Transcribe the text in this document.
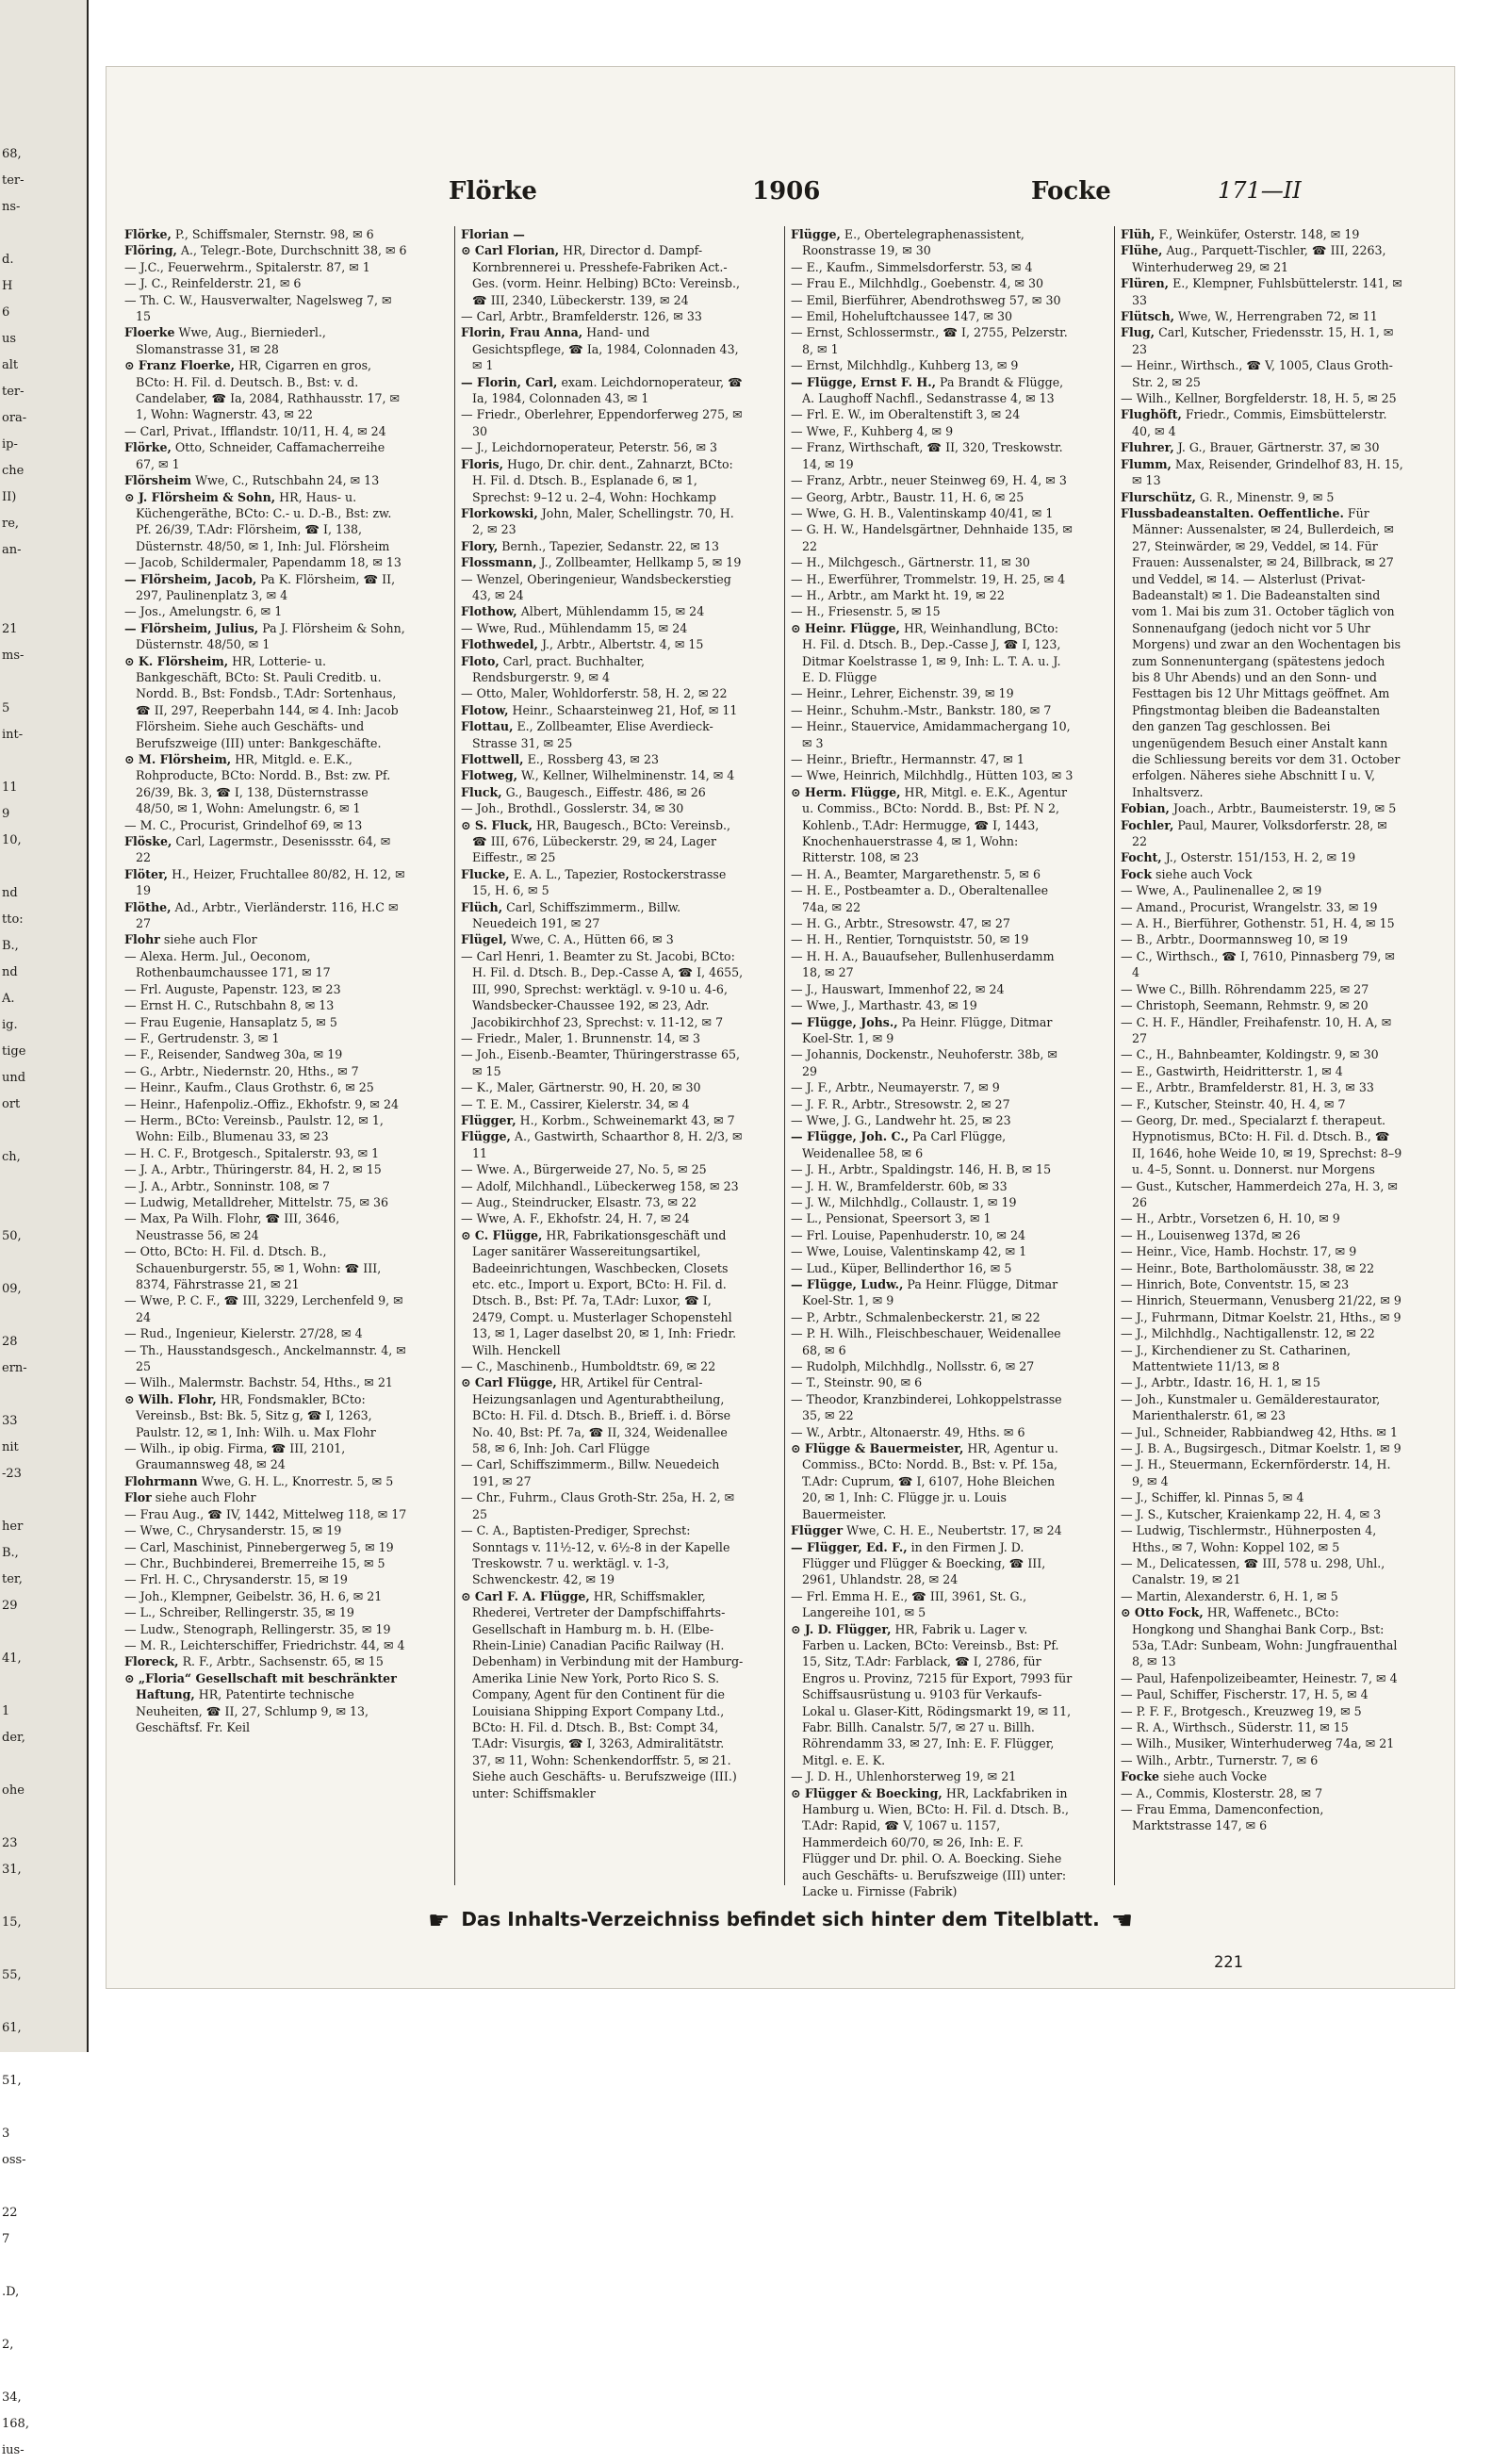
68,
ter-
ns-

d.
H
6
us
alt
ter-
ora-
ip-
che
II)
re,
an-

21
ms-

5
int-

11
9
10,

nd
tto:
B.,
nd
A.
ig.
tige
und
ort

ch,

50,

09,

28
ern-

33
nit
-23

her
B.,
ter,
29

41,

1
der,

ohe

23
31,

15,

55,

61,

51,

3
oss-

22
7

.D,

2,

34,
168,
ius-
Flörke	1906	Focke	171—II
Flörke, P., Schiffsmaler, Sternstr. 98, ✉ 6
Flöring, A., Telegr.-Bote, Durchschnitt 38, ✉ 6
— J.C., Feuerwehrm., Spitalerstr. 87, ✉ 1
— J. C., Reinfelderstr. 21, ✉ 6
— Th. C. W., Hausverwalter, Nagelsweg 7, ✉ 15
Floerke Wwe, Aug., Bierniederl., Slomanstrasse 31, ✉ 28
⊙ Franz Floerke, HR, Cigarren en gros, BCto: H. Fil. d. Deutsch. B., Bst: v. d. Candelaber, ☎ Ia, 2084, Rathhausstr. 17, ✉ 1, Wohn: Wagnerstr. 43, ✉ 22
— Carl, Privat., Ifflandstr. 10/11, H. 4, ✉ 24
Flörke, Otto, Schneider, Caffamacherreihe 67, ✉ 1
Flörsheim Wwe, C., Rutschbahn 24, ✉ 13
⊙ J. Flörsheim & Sohn, HR, Haus- u. Küchengeräthe, BCto: C.- u. D.-B., Bst: zw. Pf. 26/39, T.Adr: Flörsheim, ☎ I, 138, Düsternstr. 48/50, ✉ 1, Inh: Jul. Flörsheim
— Jacob, Schildermaler, Papendamm 18, ✉ 13
— Flörsheim, Jacob, Pa K. Flörsheim, ☎ II, 297, Paulinenplatz 3, ✉ 4
— Jos., Amelungstr. 6, ✉ 1
— Flörsheim, Julius, Pa J. Flörsheim & Sohn, Düsternstr. 48/50, ✉ 1
⊙ K. Flörsheim, HR, Lotterie- u. Bankgeschäft, BCto: St. Pauli Creditb. u. Nordd. B., Bst: Fondsb., T.Adr: Sortenhaus, ☎ II, 297, Reeperbahn 144, ✉ 4. Inh: Jacob Flörsheim. Siehe auch Geschäfts- und Berufszweige (III) unter: Bankgeschäfte.
⊙ M. Flörsheim, HR, Mitgld. e. E.K., Rohproducte, BCto: Nordd. B., Bst: zw. Pf. 26/39, Bk. 3, ☎ I, 138, Düsternstrasse 48/50, ✉ 1, Wohn: Amelungstr. 6, ✉ 1
— M. C., Procurist, Grindelhof 69, ✉ 13
Flöske, Carl, Lagermstr., Desenissstr. 64, ✉ 22
Flöter, H., Heizer, Fruchtallee 80/82, H. 12, ✉ 19
Flöthe, Ad., Arbtr., Vierländerstr. 116, H.C ✉ 27
Flohr siehe auch Flor
— Alexa. Herm. Jul., Oeconom, Rothenbaumchaussee 171, ✉ 17
— Frl. Auguste, Papenstr. 123, ✉ 23
— Ernst H. C., Rutschbahn 8, ✉ 13
— Frau Eugenie, Hansaplatz 5, ✉ 5
— F., Gertrudenstr. 3, ✉ 1
— F., Reisender, Sandweg 30a, ✉ 19
— G., Arbtr., Niedernstr. 20, Hths., ✉ 7
— Heinr., Kaufm., Claus Grothstr. 6, ✉ 25
— Heinr., Hafenpoliz.-Offiz., Ekhofstr. 9, ✉ 24
— Herm., BCto: Vereinsb., Paulstr. 12, ✉ 1, Wohn: Eilb., Blumenau 33, ✉ 23
— H. C. F., Brotgesch., Spitalerstr. 93, ✉ 1
— J. A., Arbtr., Thüringerstr. 84, H. 2, ✉ 15
— J. A., Arbtr., Sonninstr. 108, ✉ 7
— Ludwig, Metalldreher, Mittelstr. 75, ✉ 36
— Max, Pa Wilh. Flohr, ☎ III, 3646, Neustrasse 56, ✉ 24
— Otto, BCto: H. Fil. d. Dtsch. B., Schauenburgerstr. 55, ✉ 1, Wohn: ☎ III, 8374, Fährstrasse 21, ✉ 21
— Wwe, P. C. F., ☎ III, 3229, Lerchenfeld 9, ✉ 24
— Rud., Ingenieur, Kielerstr. 27/28, ✉ 4
— Th., Hausstandsgesch., Anckelmannstr. 4, ✉ 25
— Wilh., Malermstr. Bachstr. 54, Hths., ✉ 21
⊙ Wilh. Flohr, HR, Fondsmakler, BCto: Vereinsb., Bst: Bk. 5, Sitz g, ☎ I, 1263, Paulstr. 12, ✉ 1, Inh: Wilh. u. Max Flohr
— Wilh., ip obig. Firma, ☎ III, 2101, Graumannsweg 48, ✉ 24
Flohrmann Wwe, G. H. L., Knorrestr. 5, ✉ 5
Flor siehe auch Flohr
— Frau Aug., ☎ IV, 1442, Mittelweg 118, ✉ 17
— Wwe, C., Chrysanderstr. 15, ✉ 19
— Carl, Maschinist, Pinnebergerweg 5, ✉ 19
— Chr., Buchbinderei, Bremerreihe 15, ✉ 5
— Frl. H. C., Chrysanderstr. 15, ✉ 19
— Joh., Klempner, Geibelstr. 36, H. 6, ✉ 21
— L., Schreiber, Rellingerstr. 35, ✉ 19
— Ludw., Stenograph, Rellingerstr. 35, ✉ 19
— M. R., Leichterschiffer, Friedrichstr. 44, ✉ 4
Floreck, R. F., Arbtr., Sachsenstr. 65, ✉ 15
⊙ „Floria“ Gesellschaft mit beschränkter Haftung, HR, Patentirte technische Neuheiten, ☎ II, 27, Schlump 9, ✉ 13, Geschäftsf. Fr. Keil
Florian —
⊙ Carl Florian, HR, Director d. Dampf-Kornbrennerei u. Presshefe-Fabriken Act.-Ges. (vorm. Heinr. Helbing) BCto: Vereinsb., ☎ III, 2340, Lübeckerstr. 139, ✉ 24
— Carl, Arbtr., Bramfelderstr. 126, ✉ 33
Florin, Frau Anna, Hand- und Gesichtspflege, ☎ Ia, 1984, Colonnaden 43, ✉ 1
— Florin, Carl, exam. Leichdornoperateur, ☎ Ia, 1984, Colonnaden 43, ✉ 1
— Friedr., Oberlehrer, Eppendorferweg 275, ✉ 30
— J., Leichdornoperateur, Peterstr. 56, ✉ 3
Floris, Hugo, Dr. chir. dent., Zahnarzt, BCto: H. Fil. d. Dtsch. B., Esplanade 6, ✉ 1, Sprechst: 9–12 u. 2–4, Wohn: Hochkamp
Florkowski, John, Maler, Schellingstr. 70, H. 2, ✉ 23
Flory, Bernh., Tapezier, Sedanstr. 22, ✉ 13
Flossmann, J., Zollbeamter, Hellkamp 5, ✉ 19
— Wenzel, Oberingenieur, Wandsbeckerstieg 43, ✉ 24
Flothow, Albert, Mühlendamm 15, ✉ 24
— Wwe, Rud., Mühlendamm 15, ✉ 24
Flothwedel, J., Arbtr., Albertstr. 4, ✉ 15
Floto, Carl, pract. Buchhalter, Rendsburgerstr. 9, ✉ 4
— Otto, Maler, Wohldorferstr. 58, H. 2, ✉ 22
Flotow, Heinr., Schaarsteinweg 21, Hof, ✉ 11
Flottau, E., Zollbeamter, Elise Averdieck-Strasse 31, ✉ 25
Flottwell, E., Rossberg 43, ✉ 23
Flotweg, W., Kellner, Wilhelminenstr. 14, ✉ 4
Fluck, G., Baugesch., Eiffestr. 486, ✉ 26
— Joh., Brothdl., Gosslerstr. 34, ✉ 30
⊙ S. Fluck, HR, Baugesch., BCto: Vereinsb., ☎ III, 676, Lübeckerstr. 29, ✉ 24, Lager Eiffestr., ✉ 25
Flucke, E. A. L., Tapezier, Rostockerstrasse 15, H. 6, ✉ 5
Flüch, Carl, Schiffszimmerm., Billw. Neuedeich 191, ✉ 27
Flügel, Wwe, C. A., Hütten 66, ✉ 3
— Carl Henri, 1. Beamter zu St. Jacobi, BCto: H. Fil. d. Dtsch. B., Dep.-Casse A, ☎ I, 4655, III, 990, Sprechst: werktägl. v. 9-10 u. 4-6, Wandsbecker-Chaussee 192, ✉ 23, Adr. Jacobikirchhof 23, Sprechst: v. 11-12, ✉ 7
— Friedr., Maler, 1. Brunnenstr. 14, ✉ 3
— Joh., Eisenb.-Beamter, Thüringerstrasse 65, ✉ 15
— K., Maler, Gärtnerstr. 90, H. 20, ✉ 30
— T. E. M., Cassirer, Kielerstr. 34, ✉ 4
Flügger, H., Korbm., Schweinemarkt 43, ✉ 7
Flügge, A., Gastwirth, Schaarthor 8, H. 2/3, ✉ 11
— Wwe. A., Bürgerweide 27, No. 5, ✉ 25
— Adolf, Milchhandl., Lübeckerweg 158, ✉ 23
— Aug., Steindrucker, Elsastr. 73, ✉ 22
— Wwe, A. F., Ekhofstr. 24, H. 7, ✉ 24
⊙ C. Flügge, HR, Fabrikationsgeschäft und Lager sanitärer Wassereitungsartikel, Badeeinrichtungen, Waschbecken, Closets etc. etc., Import u. Export, BCto: H. Fil. d. Dtsch. B., Bst: Pf. 7a, T.Adr: Luxor, ☎ I, 2479, Compt. u. Musterlager Schopenstehl 13, ✉ 1, Lager daselbst 20, ✉ 1, Inh: Friedr. Wilh. Henckell
— C., Maschinenb., Humboldtstr. 69, ✉ 22
⊙ Carl Flügge, HR, Artikel für Central-Heizungsanlagen und Agenturabtheilung, BCto: H. Fil. d. Dtsch. B., Brieff. i. d. Börse No. 40, Bst: Pf. 7a, ☎ II, 324, Weidenallee 58, ✉ 6, Inh: Joh. Carl Flügge
— Carl, Schiffszimmerm., Billw. Neuedeich 191, ✉ 27
— Chr., Fuhrm., Claus Groth-Str. 25a, H. 2, ✉ 25
— C. A., Baptisten-Prediger, Sprechst: Sonntags v. 11½-12, v. 6½-8 in der Kapelle Treskowstr. 7 u. werktägl. v. 1-3, Schwenckestr. 42, ✉ 19
⊙ Carl F. A. Flügge, HR, Schiffsmakler, Rhederei, Vertreter der Dampfschiffahrts-Gesellschaft in Hamburg m. b. H. (Elbe-Rhein-Linie) Canadian Pacific Railway (H. Debenham) in Verbindung mit der Hamburg-Amerika Linie New York, Porto Rico S. S. Company, Agent für den Continent für die Louisiana Shipping Export Company Ltd., BCto: H. Fil. d. Dtsch. B., Bst: Compt 34, T.Adr: Visurgis, ☎ I, 3263, Admiralitätstr. 37, ✉ 11, Wohn: Schenkendorffstr. 5, ✉ 21. Siehe auch Geschäfts- u. Berufszweige (III.) unter: Schiffsmakler
Flügge, E., Obertelegraphenassistent, Roonstrasse 19, ✉ 30
— E., Kaufm., Simmelsdorferstr. 53, ✉ 4
— Frau E., Milchhdlg., Goebenstr. 4, ✉ 30
— Emil, Bierführer, Abendrothsweg 57, ✉ 30
— Emil, Hoheluftchaussee 147, ✉ 30
— Ernst, Schlossermstr., ☎ I, 2755, Pelzerstr. 8, ✉ 1
— Ernst, Milchhdlg., Kuhberg 13, ✉ 9
— Flügge, Ernst F. H., Pa Brandt & Flügge, A. Laughoff Nachfl., Sedanstrasse 4, ✉ 13
— Frl. E. W., im Oberaltenstift 3, ✉ 24
— Wwe, F., Kuhberg 4, ✉ 9
— Franz, Wirthschaft, ☎ II, 320, Treskowstr. 14, ✉ 19
— Franz, Arbtr., neuer Steinweg 69, H. 4, ✉ 3
— Georg, Arbtr., Baustr. 11, H. 6, ✉ 25
— Wwe, G. H. B., Valentinskamp 40/41, ✉ 1
— G. H. W., Handelsgärtner, Dehnhaide 135, ✉ 22
— H., Milchgesch., Gärtnerstr. 11, ✉ 30
— H., Ewerführer, Trommelstr. 19, H. 25, ✉ 4
— H., Arbtr., am Markt ht. 19, ✉ 22
— H., Friesenstr. 5, ✉ 15
⊙ Heinr. Flügge, HR, Weinhandlung, BCto: H. Fil. d. Dtsch. B., Dep.-Casse J, ☎ I, 123, Ditmar Koelstrasse 1, ✉ 9, Inh: L. T. A. u. J. E. D. Flügge
— Heinr., Lehrer, Eichenstr. 39, ✉ 19
— Heinr., Schuhm.-Mstr., Bankstr. 180, ✉ 7
— Heinr., Stauervice, Amidammachergang 10, ✉ 3
— Heinr., Brieftr., Hermannstr. 47, ✉ 1
— Wwe, Heinrich, Milchhdlg., Hütten 103, ✉ 3
⊙ Herm. Flügge, HR, Mitgl. e. E.K., Agentur u. Commiss., BCto: Nordd. B., Bst: Pf. N 2, Kohlenb., T.Adr: Hermugge, ☎ I, 1443, Knochenhauerstrasse 4, ✉ 1, Wohn: Ritterstr. 108, ✉ 23
— H. A., Beamter, Margarethenstr. 5, ✉ 6
— H. E., Postbeamter a. D., Oberaltenallee 74a, ✉ 22
— H. G., Arbtr., Stresowstr. 47, ✉ 27
— H. H., Rentier, Tornquiststr. 50, ✉ 19
— H. H. A., Bauaufseher, Bullenhuserdamm 18, ✉ 27
— J., Hauswart, Immenhof 22, ✉ 24
— Wwe, J., Marthastr. 43, ✉ 19
— Flügge, Johs., Pa Heinr. Flügge, Ditmar Koel-Str. 1, ✉ 9
— Johannis, Dockenstr., Neuhoferstr. 38b, ✉ 29
— J. F., Arbtr., Neumayerstr. 7, ✉ 9
— J. F. R., Arbtr., Stresowstr. 2, ✉ 27
— Wwe, J. G., Landwehr ht. 25, ✉ 23
— Flügge, Joh. C., Pa Carl Flügge, Weidenallee 58, ✉ 6
— J. H., Arbtr., Spaldingstr. 146, H. B, ✉ 15
— J. H. W., Bramfelderstr. 60b, ✉ 33
— J. W., Milchhdlg., Collaustr. 1, ✉ 19
— L., Pensionat, Speersort 3, ✉ 1
— Frl. Louise, Papenhuderstr. 10, ✉ 24
— Wwe, Louise, Valentinskamp 42, ✉ 1
— Lud., Küper, Bellinderthor 16, ✉ 5
— Flügge, Ludw., Pa Heinr. Flügge, Ditmar Koel-Str. 1, ✉ 9
— P., Arbtr., Schmalenbeckerstr. 21, ✉ 22
— P. H. Wilh., Fleischbeschauer, Weidenallee 68, ✉ 6
— Rudolph, Milchhdlg., Nollsstr. 6, ✉ 27
— T., Steinstr. 90, ✉ 6
— Theodor, Kranzbinderei, Lohkoppelstrasse 35, ✉ 22
— W., Arbtr., Altonaerstr. 49, Hths. ✉ 6
⊙ Flügge & Bauermeister, HR, Agentur u. Commiss., BCto: Nordd. B., Bst: v. Pf. 15a, T.Adr: Cuprum, ☎ I, 6107, Hohe Bleichen 20, ✉ 1, Inh: C. Flügge jr. u. Louis Bauermeister.
Flügger Wwe, C. H. E., Neubertstr. 17, ✉ 24
— Flügger, Ed. F., in den Firmen J. D. Flügger und Flügger & Boecking, ☎ III, 2961, Uhlandstr. 28, ✉ 24
— Frl. Emma H. E., ☎ III, 3961, St. G., Langereihe 101, ✉ 5
⊙ J. D. Flügger, HR, Fabrik u. Lager v. Farben u. Lacken, BCto: Vereinsb., Bst: Pf. 15, Sitz, T.Adr: Farblack, ☎ I, 2786, für Engros u. Provinz, 7215 für Export, 7993 für Schiffsausrüstung u. 9103 für Verkaufs-Lokal u. Glaser-Kitt, Rödingsmarkt 19, ✉ 11, Fabr. Billh. Canalstr. 5/7, ✉ 27 u. Billh. Röhrendamm 33, ✉ 27, Inh: E. F. Flügger, Mitgl. e. E. K.
— J. D. H., Uhlenhorsterweg 19, ✉ 21
⊙ Flügger & Boecking, HR, Lackfabriken in Hamburg u. Wien, BCto: H. Fil. d. Dtsch. B., T.Adr: Rapid, ☎ V, 1067 u. 1157, Hammerdeich 60/70, ✉ 26, Inh: E. F. Flügger und Dr. phil. O. A. Boecking. Siehe auch Geschäfts- u. Berufszweige (III) unter: Lacke u. Firnisse (Fabrik)
Flüh, F., Weinküfer, Osterstr. 148, ✉ 19
Flühe, Aug., Parquett-Tischler, ☎ III, 2263, Winterhuderweg 29, ✉ 21
Flüren, E., Klempner, Fuhlsbüttelerstr. 141, ✉ 33
Flütsch, Wwe, W., Herrengraben 72, ✉ 11
Flug, Carl, Kutscher, Friedensstr. 15, H. 1, ✉ 23
— Heinr., Wirthsch., ☎ V, 1005, Claus Groth-Str. 2, ✉ 25
— Wilh., Kellner, Borgfelderstr. 18, H. 5, ✉ 25
Flughöft, Friedr., Commis, Eimsbüttelerstr. 40, ✉ 4
Fluhrer, J. G., Brauer, Gärtnerstr. 37, ✉ 30
Flumm, Max, Reisender, Grindelhof 83, H. 15, ✉ 13
Flurschütz, G. R., Minenstr. 9, ✉ 5
Flussbadeanstalten. Oeffentliche. Für Männer: Aussenalster, ✉ 24, Bullerdeich, ✉ 27, Steinwärder, ✉ 29, Veddel, ✉ 14. Für Frauen: Aussenalster, ✉ 24, Billbrack, ✉ 27 und Veddel, ✉ 14. — Alsterlust (Privat-Badeanstalt) ✉ 1. Die Badeanstalten sind vom 1. Mai bis zum 31. October täglich von Sonnenaufgang (jedoch nicht vor 5 Uhr Morgens) und zwar an den Wochentagen bis zum Sonnenuntergang (spätestens jedoch bis 8 Uhr Abends) und an den Sonn- und Festtagen bis 12 Uhr Mittags geöffnet. Am Pfingstmontag bleiben die Badeanstalten den ganzen Tag geschlossen. Bei ungenügendem Besuch einer Anstalt kann die Schliessung bereits vor dem 31. October erfolgen. Näheres siehe Abschnitt I u. V, Inhaltsverz.
Fobian, Joach., Arbtr., Baumeisterstr. 19, ✉ 5
Fochler, Paul, Maurer, Volksdorferstr. 28, ✉ 22
Focht, J., Osterstr. 151/153, H. 2, ✉ 19
Fock siehe auch Vock
— Wwe, A., Paulinenallee 2, ✉ 19
— Amand., Procurist, Wrangelstr. 33, ✉ 19
— A. H., Bierführer, Gothenstr. 51, H. 4, ✉ 15
— B., Arbtr., Doormannsweg 10, ✉ 19
— C., Wirthsch., ☎ I, 7610, Pinnasberg 79, ✉ 4
— Wwe C., Billh. Röhrendamm 225, ✉ 27
— Christoph, Seemann, Rehmstr. 9, ✉ 20
— C. H. F., Händler, Freihafenstr. 10, H. A, ✉ 27
— C., H., Bahnbeamter, Koldingstr. 9, ✉ 30
— E., Gastwirth, Heidritterstr. 1, ✉ 4
— E., Arbtr., Bramfelderstr. 81, H. 3, ✉ 33
— F., Kutscher, Steinstr. 40, H. 4, ✉ 7
— Georg, Dr. med., Specialarzt f. therapeut. Hypnotismus, BCto: H. Fil. d. Dtsch. B., ☎ II, 1646, hohe Weide 10, ✉ 19, Sprechst: 8–9 u. 4–5, Sonnt. u. Donnerst. nur Morgens
— Gust., Kutscher, Hammerdeich 27a, H. 3, ✉ 26
— H., Arbtr., Vorsetzen 6, H. 10, ✉ 9
— H., Louisenweg 137d, ✉ 26
— Heinr., Vice, Hamb. Hochstr. 17, ✉ 9
— Heinr., Bote, Bartholomäusstr. 38, ✉ 22
— Hinrich, Bote, Conventstr. 15, ✉ 23
— Hinrich, Steuermann, Venusberg 21/22, ✉ 9
— J., Fuhrmann, Ditmar Koelstr. 21, Hths., ✉ 9
— J., Milchhdlg., Nachtigallenstr. 12, ✉ 22
— J., Kirchendiener zu St. Catharinen, Mattentwiete 11/13, ✉ 8
— J., Arbtr., Idastr. 16, H. 1, ✉ 15
— Joh., Kunstmaler u. Gemälderestaurator, Marienthalerstr. 61, ✉ 23
— Jul., Schneider, Rabbiandweg 42, Hths. ✉ 1
— J. B. A., Bugsirgesch., Ditmar Koelstr. 1, ✉ 9
— J. H., Steuermann, Eckernförderstr. 14, H. 9, ✉ 4
— J., Schiffer, kl. Pinnas 5, ✉ 4
— J. S., Kutscher, Kraienkamp 22, H. 4, ✉ 3
— Ludwig, Tischlermstr., Hühnerposten 4, Hths., ✉ 7, Wohn: Koppel 102, ✉ 5
— M., Delicatessen, ☎ III, 578 u. 298, Uhl., Canalstr. 19, ✉ 21
— Martin, Alexanderstr. 6, H. 1, ✉ 5
⊙ Otto Fock, HR, Waffenetc., BCto: Hongkong und Shanghai Bank Corp., Bst: 53a, T.Adr: Sunbeam, Wohn: Jungfrauenthal 8, ✉ 13
— Paul, Hafenpolizeibeamter, Heinestr. 7, ✉ 4
— Paul, Schiffer, Fischerstr. 17, H. 5, ✉ 4
— P. F. F., Brotgesch., Kreuzweg 19, ✉ 5
— R. A., Wirthsch., Süderstr. 11, ✉ 15
— Wilh., Musiker, Winterhuderweg 74a, ✉ 21
— Wilh., Arbtr., Turnerstr. 7, ✉ 6
Focke siehe auch Vocke
— A., Commis, Klosterstr. 28, ✉ 7
— Frau Emma, Damenconfection, Marktstrasse 147, ✉ 6
☛ Das Inhalts-Verzeichniss befindet sich hinter dem Titelblatt. ☚
221
